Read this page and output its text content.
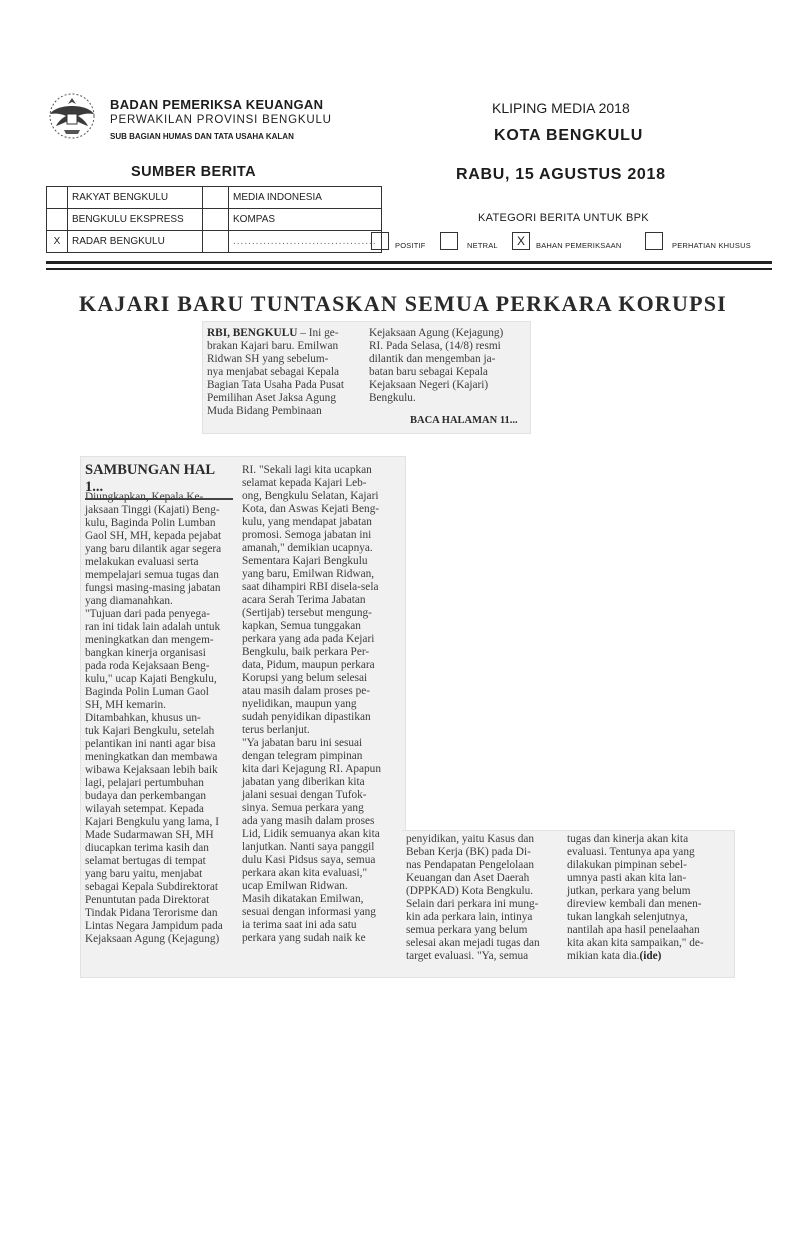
BADAN PEMERIKSA KEUANGAN
PERWAKILAN PROVINSI BENGKULU
SUB BAGIAN HUMAS DAN TATA USAHA KALAN
KLIPING MEDIA 2018
KOTA BENGKULU
SUMBER BERITA	RABU, 15 AGUSTUS 2018
	RAKYAT BENGKULU		MEDIA INDONESIA
	BENGKULU EKSPRESS		KOMPAS
X	RADAR BENGKULU		......................................
KATEGORI BERITA UNTUK BPK
POSITIF	NETRAL	X	BAHAN PEMERIKSAAN	PERHATIAN KHUSUS
KAJARI BARU TUNTASKAN SEMUA PERKARA KORUPSI
RBI, BENGKULU – Ini ge-
brakan Kajari baru. Emilwan
Ridwan SH yang sebelum-
nya menjabat sebagai Kepala
Bagian Tata Usaha Pada Pusat
Pemilihan Aset Jaksa Agung
Muda Bidang Pembinaan
Kejaksaan Agung (Kejagung)
RI. Pada Selasa, (14/8) resmi
dilantik dan mengemban ja-
batan baru sebagai Kepala
Kejaksaan Negeri (Kajari)
Bengkulu.
BACA HALAMAN 11...
SAMBUNGAN HAL 1...
Diungkapkan, Kepala Ke-
jaksaan Tinggi (Kajati) Beng-
kulu, Baginda Polin Lumban
Gaol SH, MH, kepada pejabat
yang baru dilantik agar segera
melakukan evaluasi serta
mempelajari semua tugas dan
fungsi masing-masing jabatan
yang diamanahkan.
"Tujuan dari pada penyega-
ran ini tidak lain adalah untuk
meningkatkan dan mengem-
bangkan kinerja organisasi
pada roda Kejaksaan Beng-
kulu," ucap Kajati Bengkulu,
Baginda Polin Luman Gaol
SH, MH kemarin.
Ditambahkan, khusus un-
tuk Kajari Bengkulu, setelah
pelantikan ini nanti agar bisa
meningkatkan dan membawa
wibawa Kejaksaan lebih baik
lagi, pelajari pertumbuhan
budaya dan perkembangan
wilayah setempat. Kepada
Kajari Bengkulu yang lama, I
Made Sudarmawan SH, MH
diucapkan terima kasih dan
selamat bertugas di tempat
yang baru yaitu, menjabat
sebagai Kepala Subdirektorat
Penuntutan pada Direktorat
Tindak Pidana Terorisme dan
Lintas Negara Jampidum pada
Kejaksaan Agung (Kejagung)
RI. "Sekali lagi kita ucapkan
selamat kepada Kajari Leb-
ong, Bengkulu Selatan, Kajari
Kota, dan Aswas Kejati Beng-
kulu, yang mendapat jabatan
promosi. Semoga jabatan ini
amanah," demikian ucapnya.
Sementara Kajari Bengkulu
yang baru, Emilwan Ridwan,
saat dihampiri RBI disela-sela
acara Serah Terima Jabatan
(Sertijab) tersebut mengung-
kapkan, Semua tunggakan
perkara yang ada pada Kejari
Bengkulu, baik perkara Per-
data, Pidum, maupun perkara
Korupsi yang belum selesai
atau masih dalam proses pe-
nyelidikan, maupun yang
sudah penyidikan dipastikan
terus berlanjut.
"Ya jabatan baru ini sesuai
dengan telegram pimpinan
kita dari Kejagung RI. Apapun
jabatan yang diberikan kita
jalani sesuai dengan Tufok-
sinya. Semua perkara yang
ada yang masih dalam proses
Lid, Lidik semuanya akan kita
lanjutkan. Nanti saya panggil
dulu Kasi Pidsus saya, semua
perkara akan kita evaluasi,"
ucap Emilwan Ridwan.
Masih dikatakan Emilwan,
sesuai dengan informasi yang
ia terima saat ini ada satu
perkara yang sudah naik ke
penyidikan, yaitu Kasus dan
Beban Kerja (BK) pada Di-
nas Pendapatan Pengelolaan
Keuangan dan Aset Daerah
(DPPKAD) Kota Bengkulu.
Selain dari perkara ini mung-
kin ada perkara lain, intinya
semua perkara yang belum
selesai akan mejadi tugas dan
target evaluasi. "Ya, semua
tugas dan kinerja akan kita
evaluasi. Tentunya apa yang
dilakukan pimpinan sebel-
umnya pasti akan kita lan-
jutkan, perkara yang belum
direview kembali dan menen-
tukan langkah selenjutnya,
nantilah apa hasil penelaahan
kita akan kita sampaikan," de-
mikian kata dia.(ide)
